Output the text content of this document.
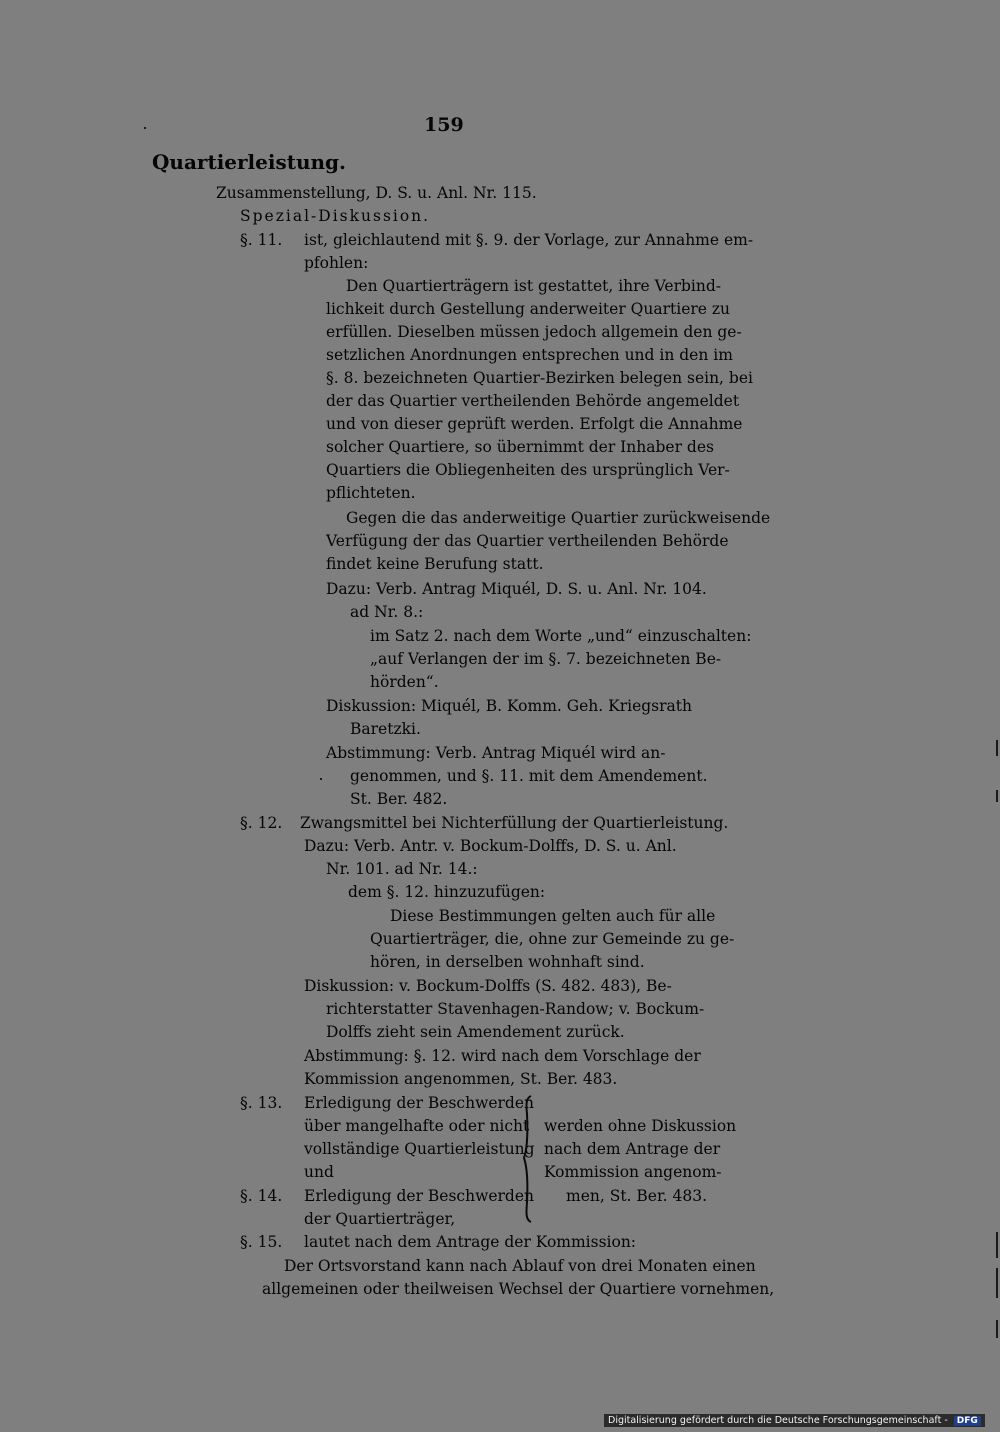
159
Quartierleistung.
Zusammenstellung, D. S. u. Anl. Nr. 115.
Spezial-Diskussion.
§. 11. ist, gleichlautend mit §. 9. der Vorlage, zur Annahme em-
pfohlen:
Den Quartierträgern ist gestattet, ihre Verbind-
lichkeit durch Gestellung anderweiter Quartiere zu
erfüllen. Dieselben müssen jedoch allgemein den ge-
setzlichen Anordnungen entsprechen und in den im
§. 8. bezeichneten Quartier-Bezirken belegen sein, bei
der das Quartier vertheilenden Behörde angemeldet
und von dieser geprüft werden. Erfolgt die Annahme
solcher Quartiere, so übernimmt der Inhaber des
Quartiers die Obliegenheiten des ursprünglich Ver-
pflichteten.
Gegen die das anderweitige Quartier zurückweisende
Verfügung der das Quartier vertheilenden Behörde
findet keine Berufung statt.
Dazu: Verb. Antrag Miquél, D. S. u. Anl. Nr. 104.
ad Nr. 8.:
im Satz 2. nach dem Worte „und“ einzuschalten:
„auf Verlangen der im §. 7. bezeichneten Be-
hörden“.
Diskussion: Miquél, B. Komm. Geh. Kriegsrath
Baretzki.
Abstimmung: Verb. Antrag Miquél wird an-
genommen, und §. 11. mit dem Amendement.
St. Ber. 482.
§. 12. Zwangsmittel bei Nichterfüllung der Quartierleistung.
Dazu: Verb. Antr. v. Bockum-Dolffs, D. S. u. Anl.
Nr. 101. ad Nr. 14.:
dem §. 12. hinzuzufügen:
Diese Bestimmungen gelten auch für alle
Quartierträger, die, ohne zur Gemeinde zu ge-
hören, in derselben wohnhaft sind.
Diskussion: v. Bockum-Dolffs (S. 482. 483), Be-
richterstatter Stavenhagen-Randow; v. Bockum-
Dolffs zieht sein Amendement zurück.
Abstimmung: §. 12. wird nach dem Vorschlage der
Kommission angenommen, St. Ber. 483.
§. 13. Erledigung der Beschwerden
über mangelhafte oder nicht
vollständige Quartierleistung
und
§. 14. Erledigung der Beschwerden
der Quartierträger,
werden ohne Diskussion
nach dem Antrage der
Kommission angenom-
men, St. Ber. 483.
§. 15. lautet nach dem Antrage der Kommission:
Der Ortsvorstand kann nach Ablauf von drei Monaten einen
allgemeinen oder theilweisen Wechsel der Quartiere vornehmen,
Digitalisierung gefördert durch die Deutsche Forschungsgemeinschaft - DFG
